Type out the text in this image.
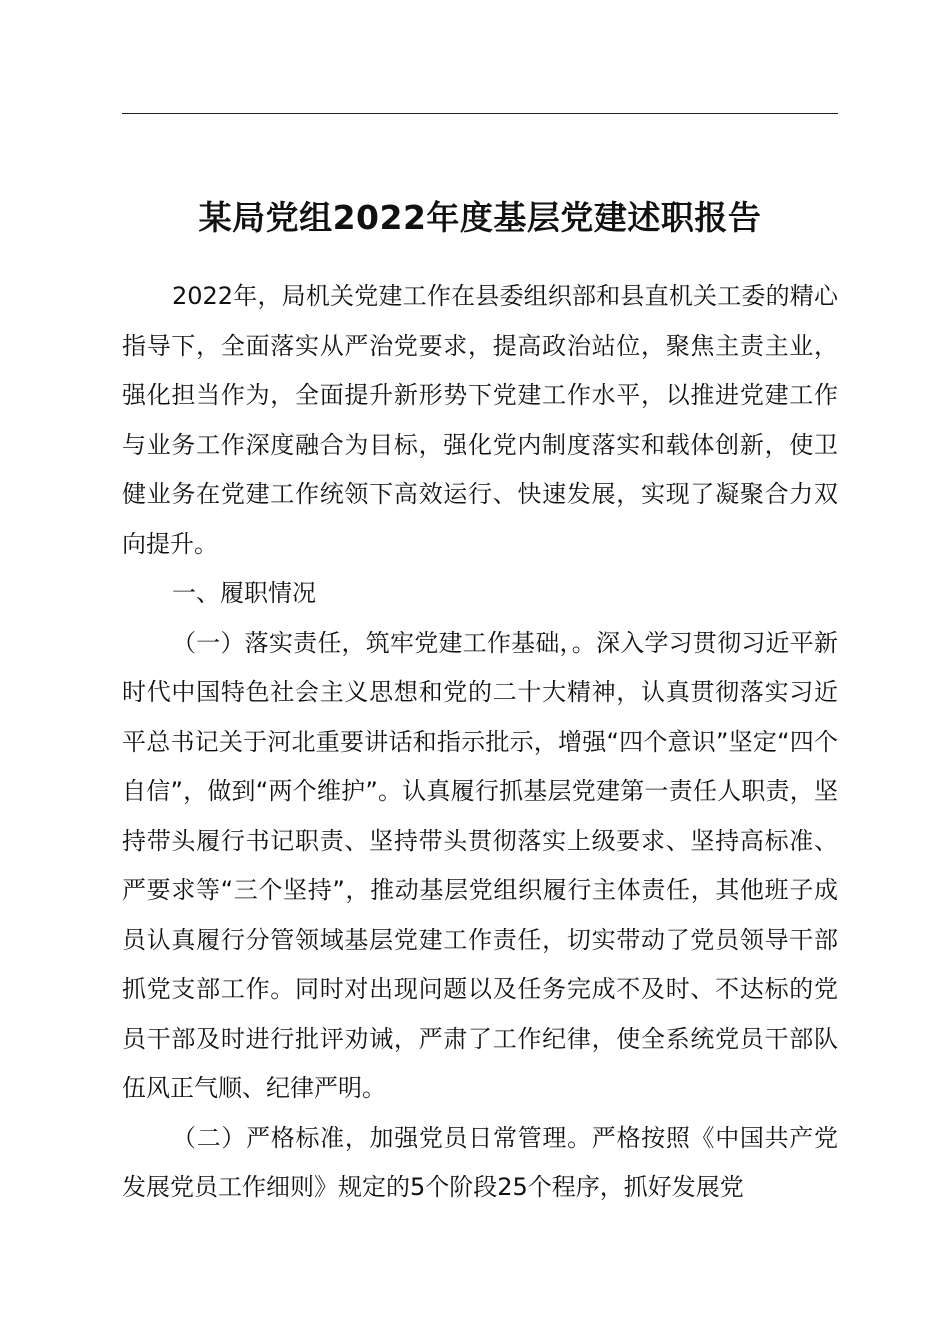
某局党组2022年度基层党建述职报告

2022年，局机关党建工作在县委组织部和县直机关工委的精心指导下，全面落实从严治党要求，提高政治站位，聚焦主责主业，强化担当作为，全面提升新形势下党建工作水平，以推进党建工作与业务工作深度融合为目标，强化党内制度落实和载体创新，使卫健业务在党建工作统领下高效运行、快速发展，实现了凝聚合力双向提升。

一、履职情况

（一）落实责任，筑牢党建工作基础，。深入学习贯彻习近平新时代中国特色社会主义思想和党的二十大精神，认真贯彻落实习近平总书记关于河北重要讲话和指示批示，增强“四个意识”坚定“四个自信”，做到“两个维护”。认真履行抓基层党建第一责任人职责，坚持带头履行书记职责、坚持带头贯彻落实上级要求、坚持高标准、严要求等“三个坚持”，推动基层党组织履行主体责任，其他班子成员认真履行分管领域基层党建工作责任，切实带动了党员领导干部抓党支部工作。同时对出现问题以及任务完成不及时、不达标的党员干部及时进行批评劝诫，严肃了工作纪律，使全系统党员干部队伍风正气顺、纪律严明。

（二）严格标准，加强党员日常管理。严格按照《中国共产党发展党员工作细则》规定的5个阶段25个程序，抓好发展党
